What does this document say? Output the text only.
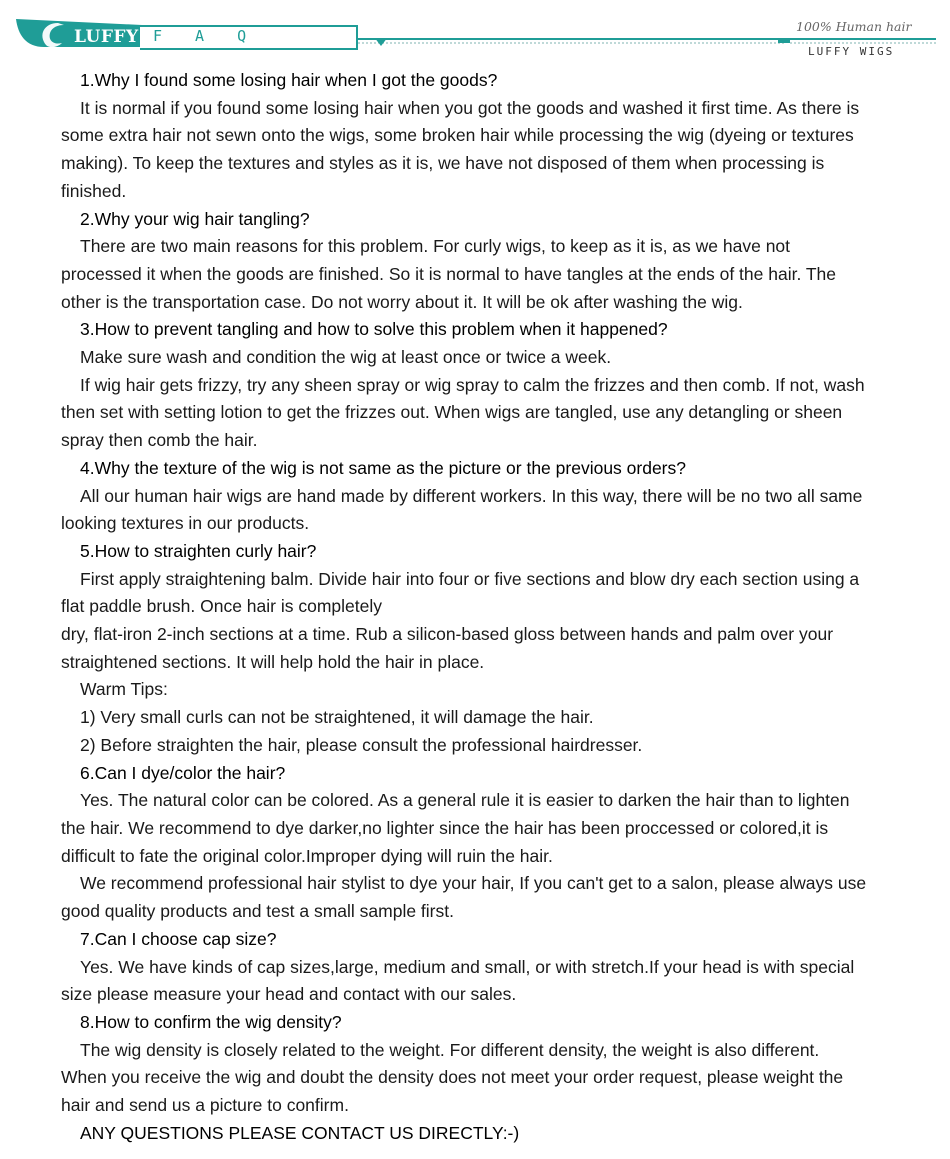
LUFFY F A Q
100% Human hair
LUFFY WIGS

1.Why I found some losing hair when I got the goods?

It is normal if you found some losing hair when you got the goods and washed it first time. As there is some extra hair not sewn onto the wigs, some broken hair while processing the wig (dyeing or textures making). To keep the textures and styles as it is, we have not disposed of them when processing is finished.

2.Why your wig hair tangling?

There are two main reasons for this problem. For curly wigs, to keep as it is, as we have not processed it when the goods are finished. So it is normal to have tangles at the ends of the hair. The other is the transportation case. Do not worry about it. It will be ok after washing the wig.

3.How to prevent tangling and how to solve this problem when it happened?

Make sure wash and condition the wig at least once or twice a week.

If wig hair gets frizzy, try any sheen spray or wig spray to calm the frizzes and then comb. If not, wash then set with setting lotion to get the frizzes out. When wigs are tangled, use any detangling or sheen spray then comb the hair.

4.Why the texture of the wig is not same as the picture or the previous orders?

All our human hair wigs are hand made by different workers. In this way, there will be no two all same looking textures in our products.

5.How to straighten curly hair?

First apply straightening balm. Divide hair into four or five sections and blow dry each section using a flat paddle brush. Once hair is completely

dry, flat-iron 2-inch sections at a time. Rub a silicon-based gloss between hands and palm over your straightened sections. It will help hold the hair in place.

Warm Tips:

1) Very small curls can not be straightened, it will damage the hair.

2) Before straighten the hair, please consult the professional hairdresser.

6.Can I dye/color the hair?

Yes. The natural color can be colored. As a general rule it is easier to darken the hair than to lighten the hair. We recommend to dye darker,no lighter since the hair has been proccessed or colored,it is difficult to fate the original color.Improper dying will ruin the hair.

We recommend professional hair stylist to dye your hair, If you can't get to a salon, please always use good quality products and test a small sample first.

7.Can I choose cap size?

Yes. We have kinds of cap sizes,large, medium and small, or with stretch.If your head is with special size please measure your head and contact with our sales.

8.How to confirm the wig density?

The wig density is closely related to the weight. For different density, the weight is also different. When you receive the wig and doubt the density does not meet your order request, please weight the hair and send us a picture to confirm.

ANY QUESTIONS PLEASE CONTACT US DIRECTLY:-)
